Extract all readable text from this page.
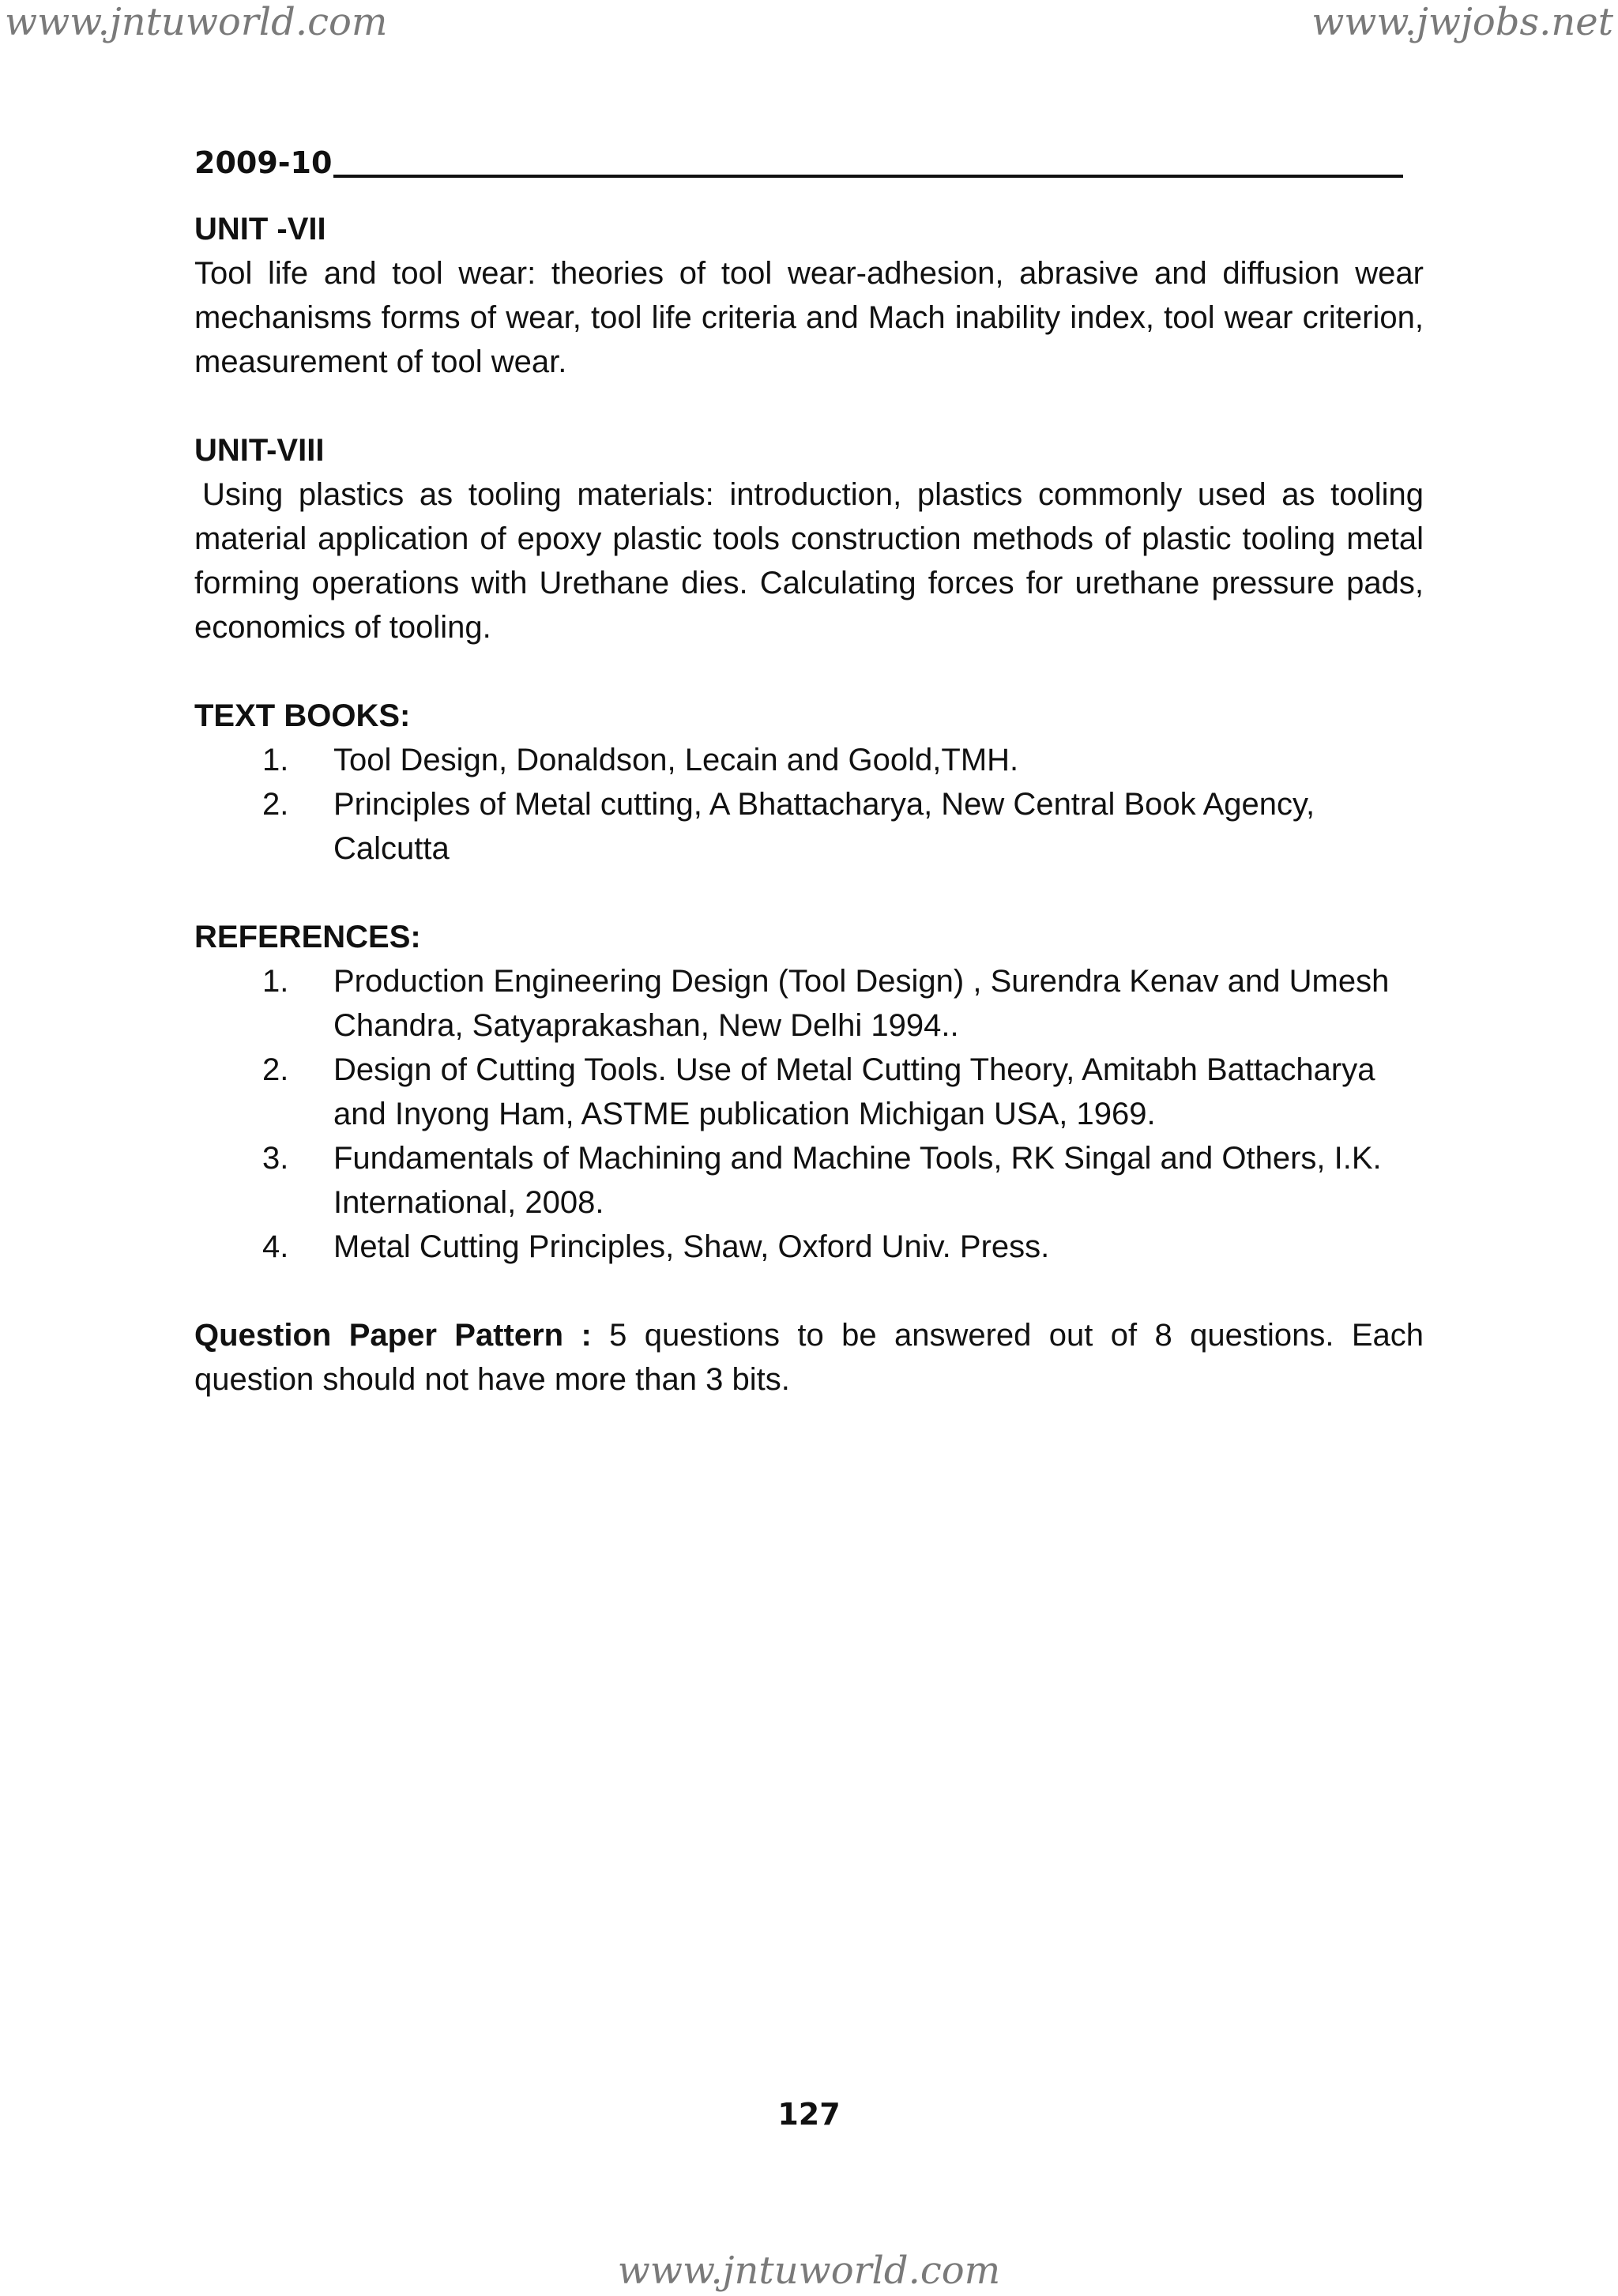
www.jntuworld.com	www.jwjobs.net
2009-10
UNIT -VII

Tool life and tool wear: theories of tool wear-adhesion, abrasive and diffusion wear mechanisms forms of wear, tool life criteria and Mach inability index, tool wear criterion, measurement of tool wear.

UNIT-VIII

Using plastics as tooling materials: introduction, plastics commonly used as tooling material application of epoxy plastic tools construction methods of plastic tooling metal forming operations with Urethane dies. Calculating forces for urethane pressure pads, economics of tooling.

TEXT BOOKS:
1. Tool Design, Donaldson, Lecain and Goold,TMH.
2. Principles of Metal cutting, A Bhattacharya, New Central Book Agency, Calcutta
REFERENCES:
1. Production Engineering Design (Tool Design) , Surendra Kenav and Umesh Chandra, Satyaprakashan, New Delhi 1994..
2. Design of Cutting Tools. Use of Metal Cutting Theory, Amitabh Battacharya and Inyong Ham, ASTME publication Michigan USA, 1969.
3. Fundamentals of Machining and Machine Tools, RK Singal and Others, I.K. International, 2008.
4. Metal Cutting Principles, Shaw, Oxford Univ. Press.

Question Paper Pattern : 5 questions to be answered out of 8 questions. Each question should not have more than 3 bits.

127
www.jntuworld.com
